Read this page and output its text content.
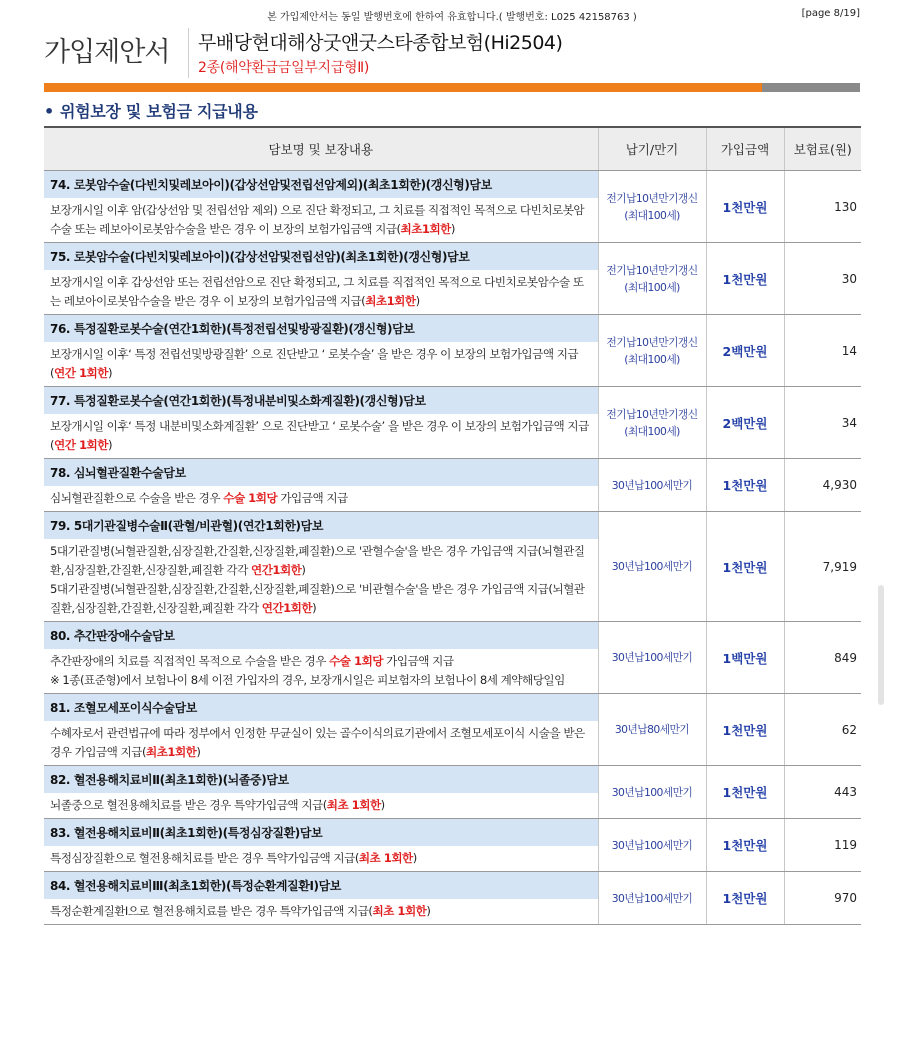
본 가입제안서는 동일 발행번호에 한하여 유효합니다.( 발행번호: L025 42158763 )	[page 8/19]
가입제안서 무배당현대해상굿앤굿스타종합보험(Hi2504)
2종(해약환급금일부지급형Ⅱ)
• 위험보장 및 보험금 지급내용
담보명 및 보장내용	납기/만기	가입금액	보험료(원)
74. 로봇암수술(다빈치및레보아이)(갑상선암및전립선암제외)(최초1회한)(갱신형)담보	전기납10년만기갱신(최대100세)	1천만원	130
보장개시일 이후 암(갑상선암 및 전립선암 제외) 으로 진단 확정되고, 그 치료를 직접적인 목적으로 다빈치로봇암수술 또는 레보아이로봇암수술을 받은 경우 이 보장의 보험가입금액 지급(최초1회한)			
75. 로봇암수술(다빈치및레보아이)(갑상선암및전립선암)(최초1회한)(갱신형)담보	전기납10년만기갱신(최대100세)	1천만원	30
보장개시일 이후 갑상선암 또는 전립선암으로 진단 확정되고, 그 치료를 직접적인 목적으로 다빈치로봇암수술 또는 레보아이로봇암수술을 받은 경우 이 보장의 보험가입금액 지급(최초1회한)			
76. 특정질환로봇수술(연간1회한)(특정전립선및방광질환)(갱신형)담보	전기납10년만기갱신(최대100세)	2백만원	14
보장개시일 이후‘ 특정 전립선및방광질환’ 으로 진단받고 ‘ 로봇수술’ 을 받은 경우 이 보장의 보험가입금액 지급(연간 1회한)			
77. 특정질환로봇수술(연간1회한)(특정내분비및소화계질환)(갱신형)담보	전기납10년만기갱신(최대100세)	2백만원	34
보장개시일 이후‘ 특정 내분비및소화계질환’ 으로 진단받고 ‘ 로봇수술’ 을 받은 경우 이 보장의 보험가입금액 지급(연간 1회한)			
78. 심뇌혈관질환수술담보	30년납100세만기	1천만원	4,930
심뇌혈관질환으로 수술을 받은 경우 수술 1회당 가입금액 지급			
79. 5대기관질병수술Ⅱ(관혈/비관혈)(연간1회한)담보	30년납100세만기	1천만원	7,919
5대기관질병(뇌혈관질환,심장질환,간질환,신장질환,폐질환)으로 '관혈수술'을 받은 경우 가입금액 지급(뇌혈관질환,심장질환,간질환,신장질환,폐질환 각각 연간1회한)
5대기관질병(뇌혈관질환,심장질환,간질환,신장질환,폐질환)으로 '비관혈수술'을 받은 경우 가입금액 지급(뇌혈관질환,심장질환,간질환,신장질환,폐질환 각각 연간1회한)			
80. 추간판장애수술담보	30년납100세만기	1백만원	849
추간판장애의 치료를 직접적인 목적으로 수술을 받은 경우 수술 1회당 가입금액 지급
※ 1종(표준형)에서 보험나이 8세 이전 가입자의 경우, 보장개시일은 피보험자의 보험나이 8세 계약해당일임			
81. 조혈모세포이식수술담보	30년납80세만기	1천만원	62
수혜자로서 관련법규에 따라 정부에서 인정한 무균실이 있는 골수이식의료기관에서 조혈모세포이식 시술을 받은 경우 가입금액 지급(최초1회한)			
82. 혈전용해치료비Ⅱ(최초1회한)(뇌졸중)담보	30년납100세만기	1천만원	443
뇌졸중으로 혈전용해치료를 받은 경우 특약가입금액 지급(최초 1회한)			
83. 혈전용해치료비Ⅱ(최초1회한)(특정심장질환)담보	30년납100세만기	1천만원	119
특정심장질환으로 혈전용해치료를 받은 경우 특약가입금액 지급(최초 1회한)			
84. 혈전용해치료비Ⅲ(최초1회한)(특정순환계질환Ⅰ)담보	30년납100세만기	1천만원	970
특정순환계질환Ⅰ으로 혈전용해치료를 받은 경우 특약가입금액 지급(최초 1회한)			
